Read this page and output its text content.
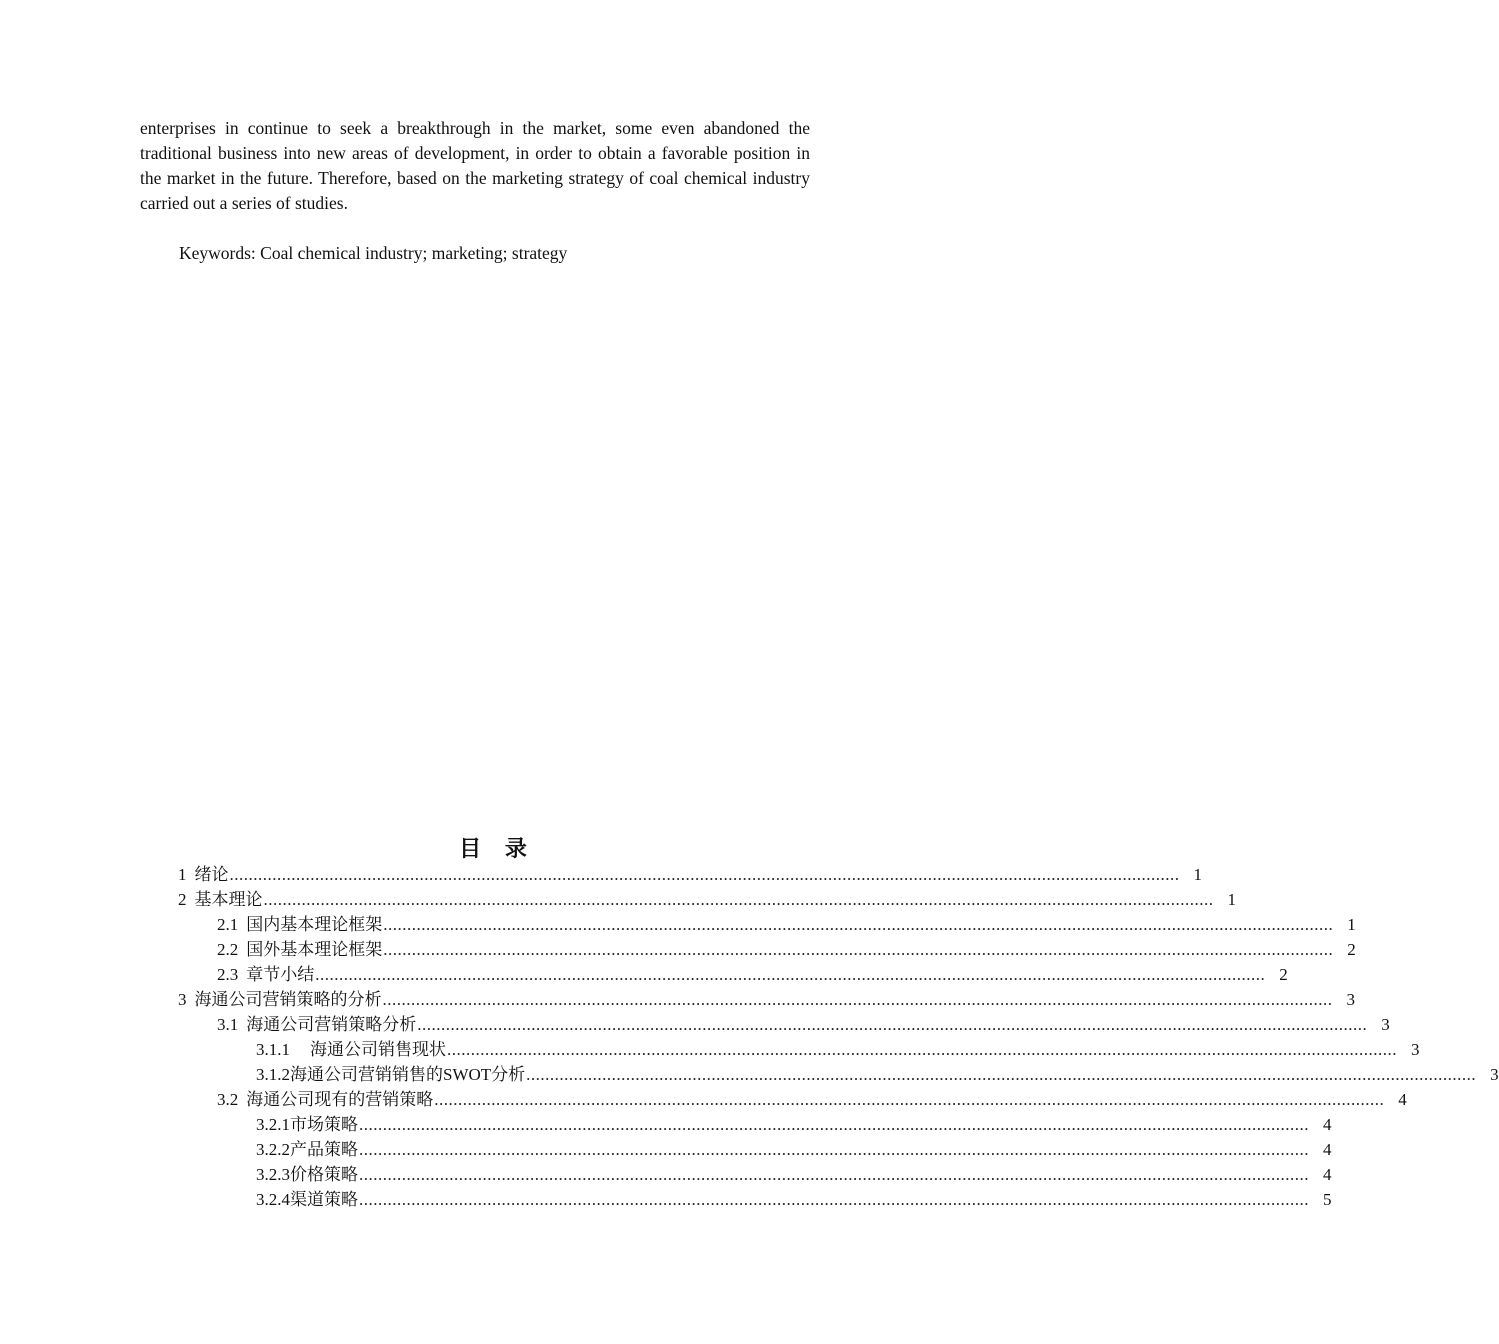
enterprises in continue to seek a breakthrough in the market, some even abandoned the traditional business into new areas of development, in order to obtain a favorable position in the market in the future. Therefore, based on the marketing strategy of coal chemical industry carried out a series of studies.

Keywords: Coal chemical industry; marketing; strategy

目 录
1 绪论 ........................................................................................................................................................................................................ 1
2 基本理论 ........................................................................................................................................................................................................ 1
2.1 国内基本理论框架 ........................................................................................................................................................................................................ 1
2.2 国外基本理论框架 ........................................................................................................................................................................................................ 2
2.3 章节小结 ........................................................................................................................................................................................................ 2
3 海通公司营销策略的分析 ........................................................................................................................................................................................................ 3
3.1 海通公司营销策略分析 ........................................................................................................................................................................................................ 3
3.1.1 海通公司销售现状 ........................................................................................................................................................................................................ 3
3.1.2海通公司营销销售的SWOT分析 ........................................................................................................................................................................................................ 3
3.2 海通公司现有的营销策略 ........................................................................................................................................................................................................ 4
3.2.1市场策略 ........................................................................................................................................................................................................ 4
3.2.2产品策略 ........................................................................................................................................................................................................ 4
3.2.3价格策略 ........................................................................................................................................................................................................ 4
3.2.4渠道策略 ........................................................................................................................................................................................................ 5
